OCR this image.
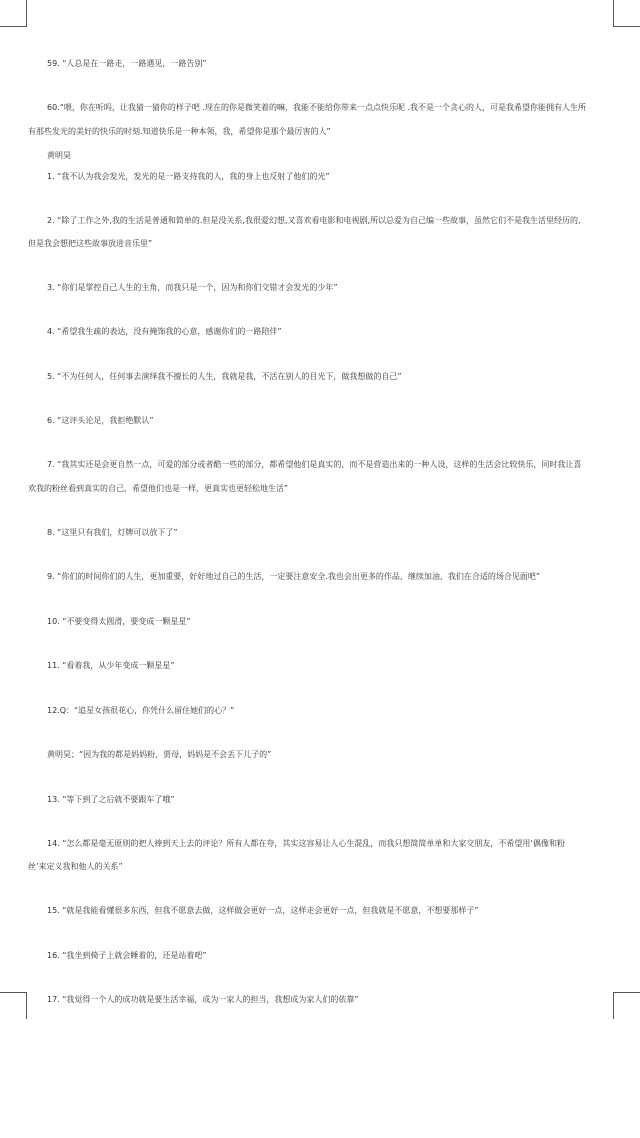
59. “人总是在一路走，一路遇见，一路告别”
60.“喂，你在听吗，让我猜一猜你的样子吧 .现在的你是微笑着的嘛，我能不能给你带来一点点快乐呢 .我不是一个贪心的人，可是我希望你能拥有人生所
有那些发光的美好的快乐的时刻.知道快乐是一种本领，我，希望你是那个最厉害的人”
黄明昊
1. “我不认为我会发光，发光的是一路支持我的人，我的身上也反射了他们的光”
2. “除了工作之外,我的生活是普通和简单的.但是没关系,我很爱幻想,又喜欢看电影和电视剧,所以总爱为自己编一些故事，虽然它们不是我生活里经历的,
但是我会想把这些故事放进音乐里”
3. “你们是掌控自己人生的主角，而我只是一个，因为和你们交错才会发光的少年”
4. “希望我生疏的表达，没有掩饰我的心意，感谢你们的一路陪伴”
5. “不为任何人，任何事去演绎我不擅长的人生，我就是我，不活在别人的目光下，做我想做的自己”
6. “这评头论足，我拒绝默认”
7. “我其实还是会更自然一点，可爱的部分或者酷一些的部分，都希望他们是真实的，而不是营造出来的一种人设，这样的生活会比较快乐，同时我让喜
欢我的粉丝看到真实的自己，希望他们也是一样，更真实也更轻松地生活”
8. “这里只有我们，灯牌可以放下了”
9. “你们的时间你们的人生，更加重要，好好地过自己的生活，一定要注意安全.我也会出更多的作品，继续加油，我们在合适的场合见面吧”
10. “不要变得太圆滑，要变成一颗星星”
11. “看着我，从少年变成一颗星星”
12.Q：“追星女孩很花心，你凭什么留住她们的心？”
黄明昊；“因为我的都是妈妈粉，贾母，妈妈是不会丢下儿子的”
13. “等下到了之后就不要跟车了哦”
14. “怎么都是毫无原则的把人捧到天上去的评论？所有人都在夸，其实这容易让人心生混乱，而我只想简简单单和大家交朋友，不希望用‘偶像和粉
丝’来定义我和他人的关系”
15. “就是我能看懂很多东西，但我不愿意去做，这样做会更好一点，这样走会更好一点，但我就是不愿意，不想要那样子”
16. “我坐到椅子上就会睡着的，还是站着吧”
17. “我觉得一个人的成功就是要生活幸福，成为一家人的担当，我想成为家人们的依靠”
